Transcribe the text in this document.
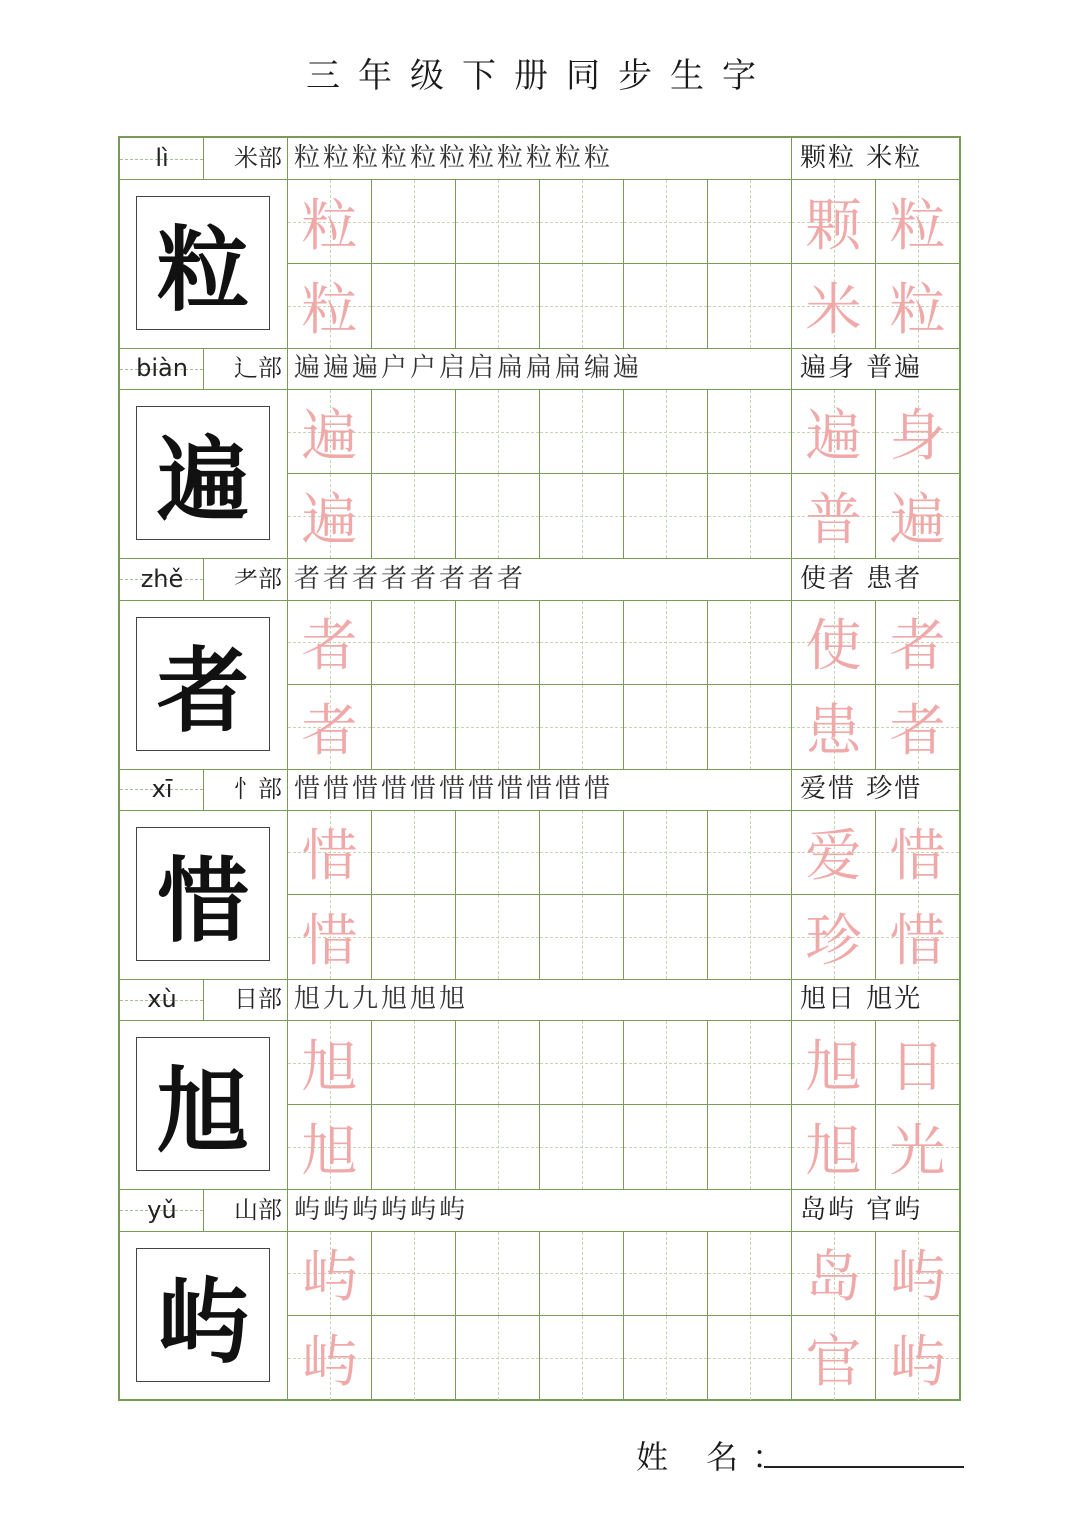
三年级下册同步生字
lì	米部 粒粒粒粒粒粒粒粒粒粒粒	颗粒 米粒
粒 粒	颗 粒
粒	米 粒
biàn	辶部 遍遍遍户户启启扁扁扁编遍	遍身 普遍
遍 遍	遍 身
遍	普 遍
zhě	耂部 者者者者者者者者	使者 患者
者 者	使 者
者	患 者
xī	忄部 惜惜惜惜惜惜惜惜惜惜惜	爱惜 珍惜
惜 惜	爱 惜
惜	珍 惜
xù	日部 旭九九旭旭旭	旭日 旭光
旭 旭	旭 日
旭	旭 光
yǔ	山部 屿屿屿屿屿屿	岛屿 官屿
屿 屿	岛 屿
屿	官 屿
姓 名：
